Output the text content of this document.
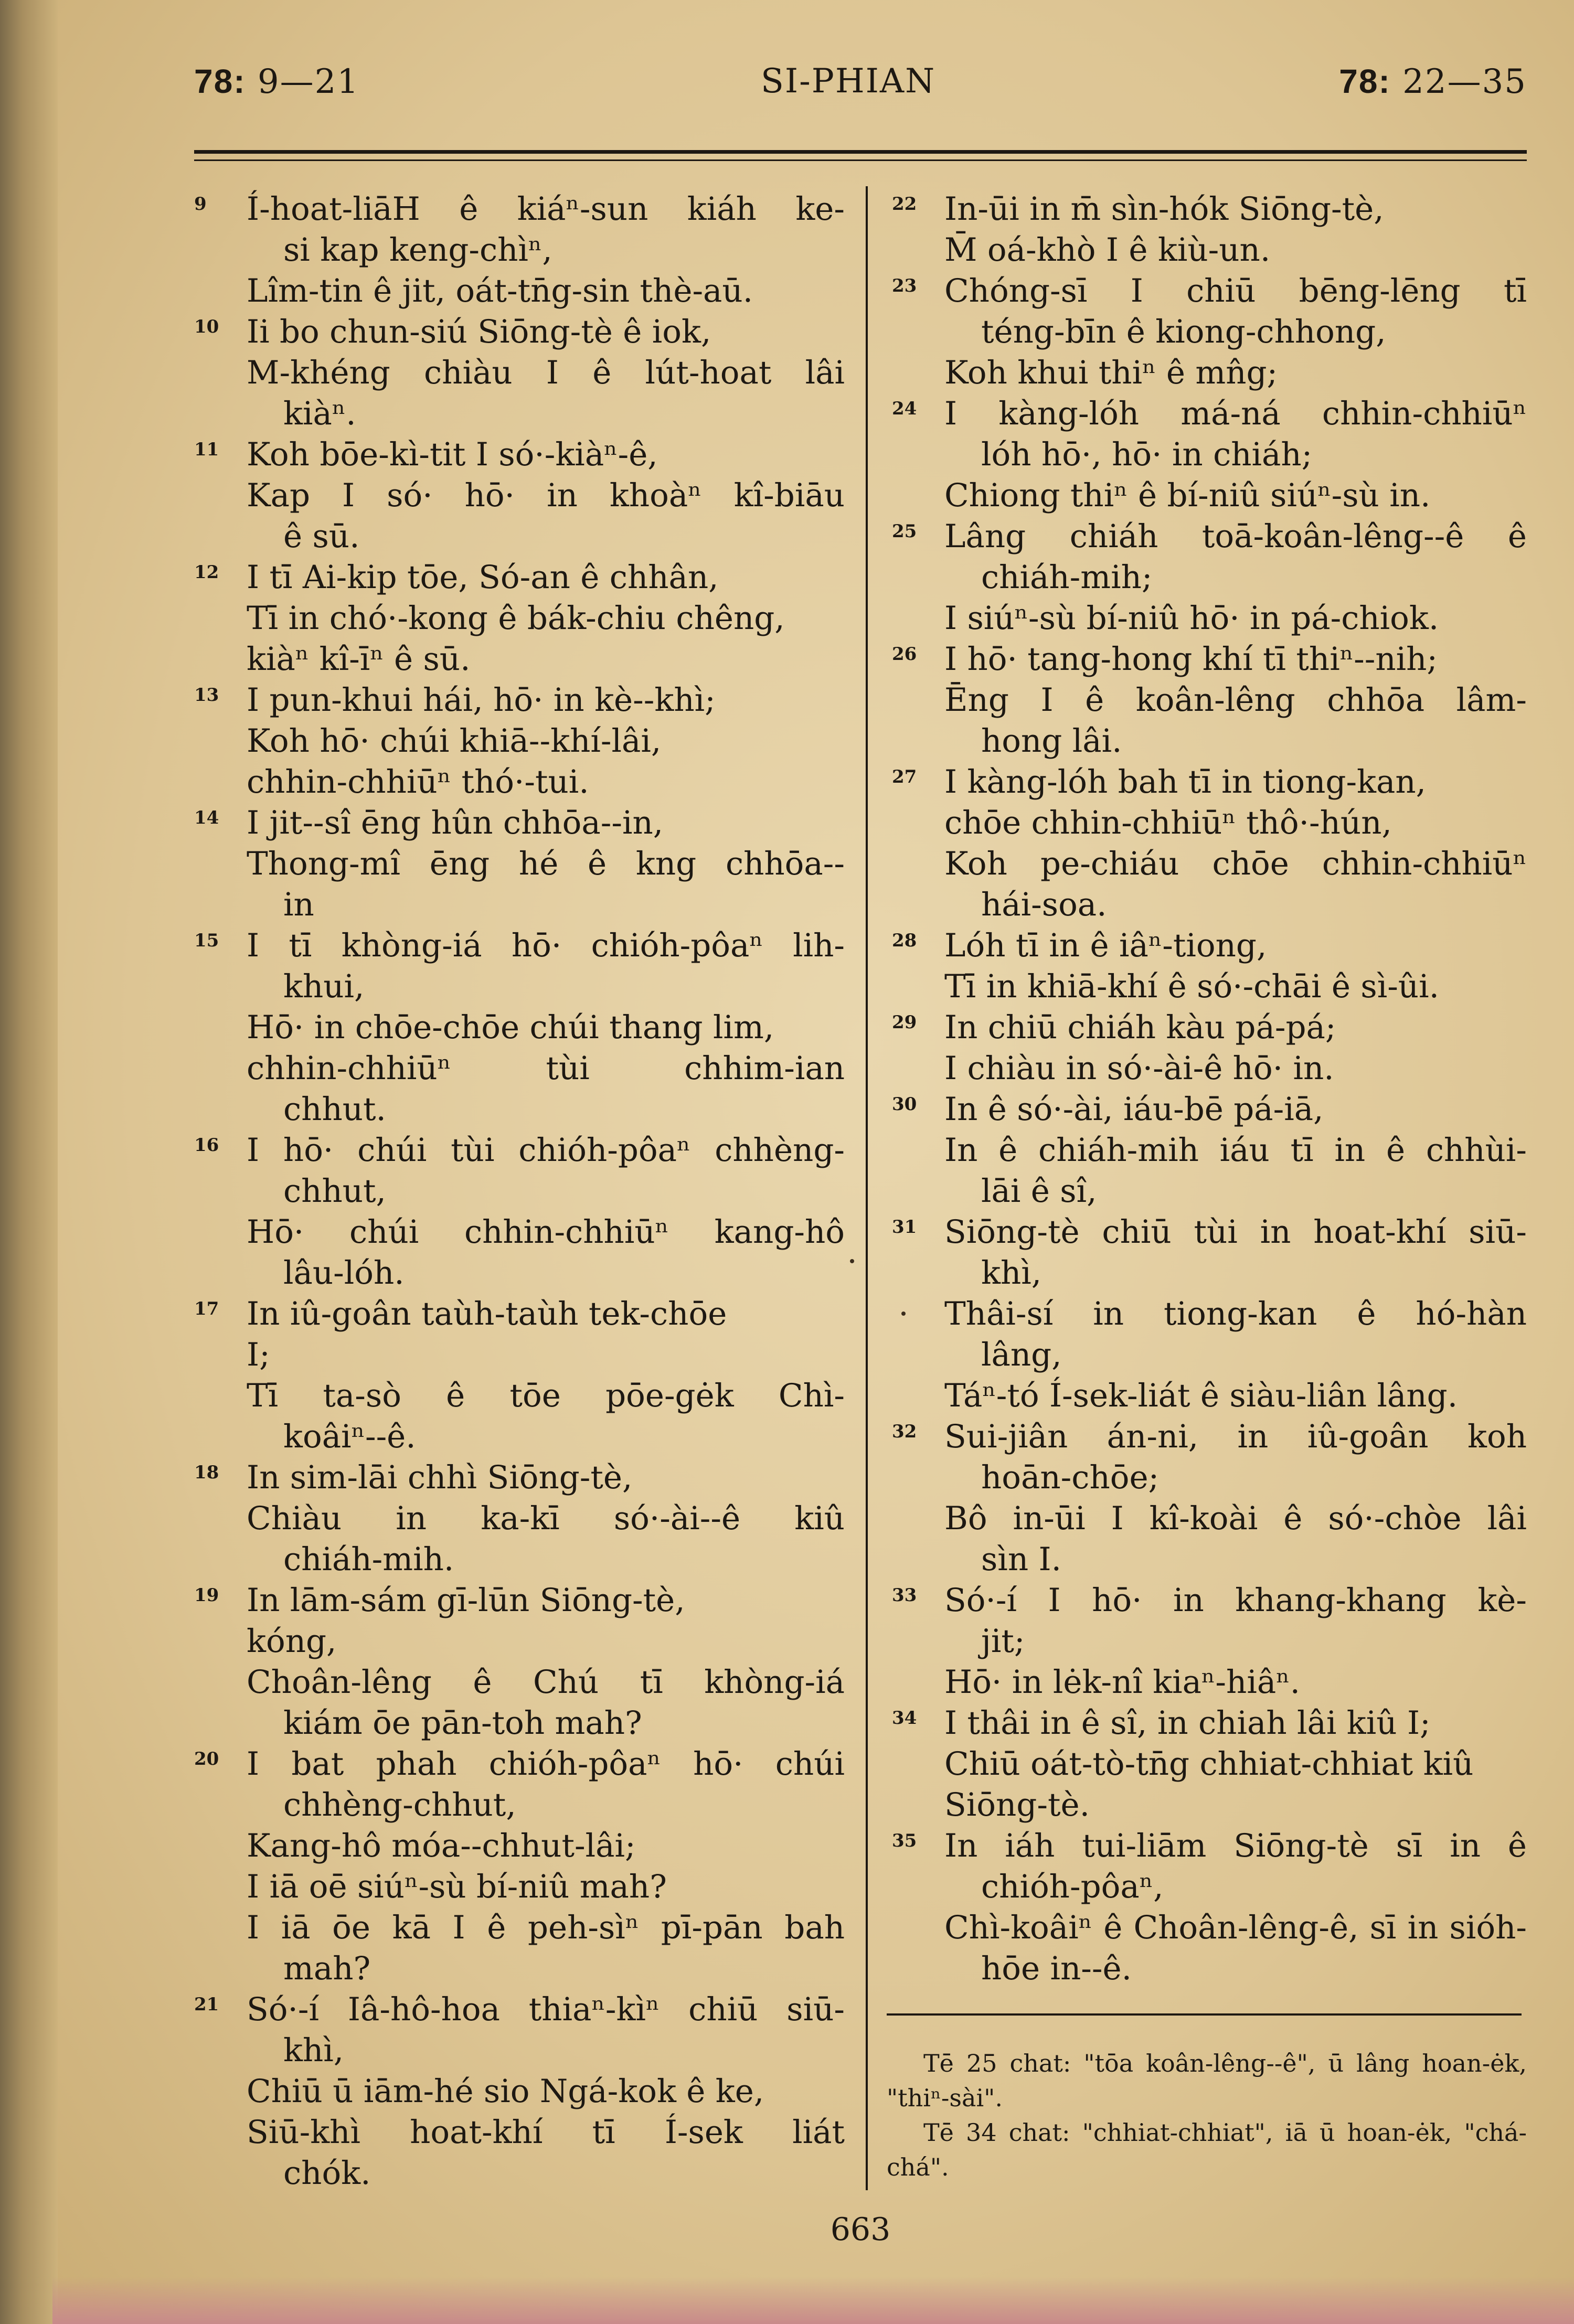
78: 9—21	SI-PHIAN	78: 22—35
9 Í-hoat-liāH ê kiáⁿ-sun kiáh ke-
si kap keng-chìⁿ,
Lîm-tin ê jit, oát-tn̄g-sin thè-aū.
10 Ii bo chun-siú Siōng-tè ê iok,
M-khéng chiàu I ê lút-hoat lâi
kiàⁿ.
11 Koh bōe-kì-tit I só·-kiàⁿ-ê,
Kap I só· hō· in khoàⁿ kî-biāu
ê sū.
12 I tī Ai-kip tōe, Só-an ê chhân,
Tī in chó·-kong ê bák-chiu chêng,
kiàⁿ kî-īⁿ ê sū.
13 I pun-khui hái, hō· in kè--khì;
Koh hō· chúi khiā--khí-lâi,
chhin-chhiūⁿ thó·-tui.
14 I jit--sî ēng hûn chhōa--in,
Thong-mî ēng hé ê kng chhōa--
in
15 I tī khòng-iá hō· chióh-pôaⁿ lih-
khui,
Hō· in chōe-chōe chúi thang lim,
chhin-chhiūⁿ tùi chhim-ian
chhut.
16 I hō· chúi tùi chióh-pôaⁿ chhèng-
chhut,
Hō· chúi chhin-chhiūⁿ kang-hô
lâu-lóh.
17 In iû-goân taùh-taùh tek-chōe
I;
Tī ta-sò ê tōe pōe-gėk Chì-
koâiⁿ--ê.
18 In sim-lāi chhì Siōng-tè,
Chiàu in ka-kī só·-ài--ê kiû
chiáh-mih.
19 In lām-sám gī-lūn Siōng-tè,
kóng,
Choân-lêng ê Chú tī khòng-iá
kiám ōe pān-toh mah?
20 I bat phah chióh-pôaⁿ hō· chúi
chhèng-chhut,
Kang-hô móa--chhut-lâi;
I iā oē siúⁿ-sù bí-niû mah?
I iā ōe kā I ê peh-sìⁿ pī-pān bah
mah?
21 Só·-í Iâ-hô-hoa thiaⁿ-kìⁿ chiū siū-
khì,
Chiū ū iām-hé sio Ngá-kok ê ke,
Siū-khì hoat-khí tī Í-sek liát
chók.
22 In-ūi in m̄ sìn-hók Siōng-tè,
M̄ oá-khò I ê kiù-un.
23 Chóng-sī I chiū bēng-lēng tī
téng-bīn ê kiong-chhong,
Koh khui thiⁿ ê mn̂g;
24 I kàng-lóh má-ná chhin-chhiūⁿ
lóh hō·, hō· in chiáh;
Chiong thiⁿ ê bí-niû siúⁿ-sù in.
25 Lâng chiáh toā-koân-lêng--ê ê
chiáh-mih;
I siúⁿ-sù bí-niû hō· in pá-chiok.
26 I hō· tang-hong khí tī thiⁿ--nih;
Ēng I ê koân-lêng chhōa lâm-
hong lâi.
27 I kàng-lóh bah tī in tiong-kan,
chōe chhin-chhiūⁿ thô·-hún,
Koh pe-chiáu chōe chhin-chhiūⁿ
hái-soa.
28 Lóh tī in ê iâⁿ-tiong,
Tī in khiā-khí ê só·-chāi ê sì-ûi.
29 In chiū chiáh kàu pá-pá;
I chiàu in só·-ài-ê hō· in.
30 In ê só·-ài, iáu-bē pá-iā,
In ê chiáh-mih iáu tī in ê chhùi-
lāi ê sî,
31 Siōng-tè chiū tùi in hoat-khí siū-
khì,
Thâi-sí in tiong-kan ê hó-hàn
lâng,
Táⁿ-tó Í-sek-liát ê siàu-liân lâng.
32 Sui-jiân án-ni, in iû-goân koh
hoān-chōe;
Bô in-ūi I kî-koài ê só·-chòe lâi
sìn I.
33 Só·-í I hō· in khang-khang kè-
jit;
Hō· in lėk-nî kiaⁿ-hiâⁿ.
34 I thâi in ê sî, in chiah lâi kiû I;
Chiū oát-tò-tn̄g chhiat-chhiat kiû
Siōng-tè.
35 In iáh tui-liām Siōng-tè sī in ê
chióh-pôaⁿ,
Chì-koâiⁿ ê Choân-lêng-ê, sī in sióh-
hōe in--ê.

Tē 25 chat: "tōa koân-lêng--ê", ū lâng hoan-ėk, "thiⁿ-sài".

Tē 34 chat: "chhiat-chhiat", iā ū hoan-ėk, "chá-chá".

663
